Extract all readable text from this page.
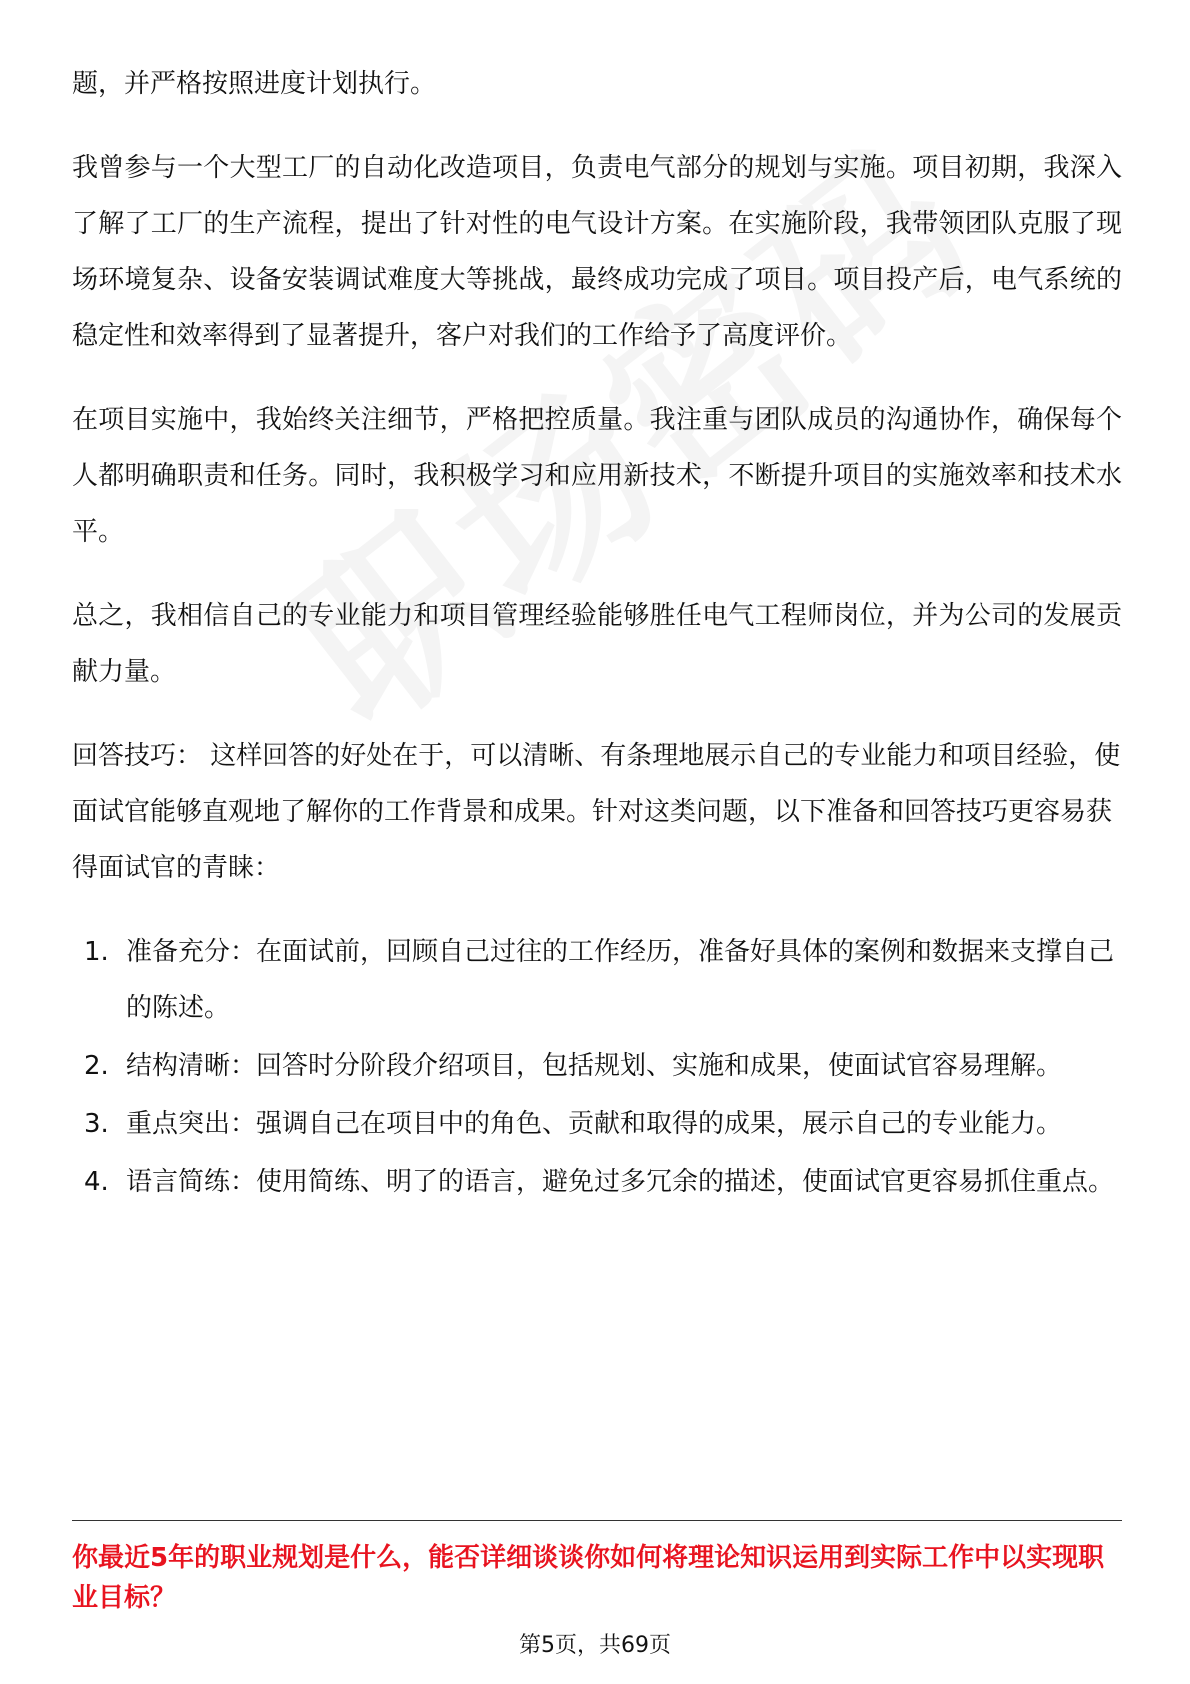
题，并严格按照进度计划执行。

我曾参与一个大型工厂的自动化改造项目，负责电气部分的规划与实施。项目初期，我深入了解了工厂的生产流程，提出了针对性的电气设计方案。在实施阶段，我带领团队克服了现场环境复杂、设备安装调试难度大等挑战，最终成功完成了项目。项目投产后，电气系统的稳定性和效率得到了显著提升，客户对我们的工作给予了高度评价。

在项目实施中，我始终关注细节，严格把控质量。我注重与团队成员的沟通协作，确保每个人都明确职责和任务。同时，我积极学习和应用新技术，不断提升项目的实施效率和技术水平。

总之，我相信自己的专业能力和项目管理经验能够胜任电气工程师岗位，并为公司的发展贡献力量。

回答技巧： 这样回答的好处在于，可以清晰、有条理地展示自己的专业能力和项目经验，使面试官能够直观地了解你的工作背景和成果。针对这类问题，以下准备和回答技巧更容易获得面试官的青睐：

1. 准备充分：在面试前，回顾自己过往的工作经历，准备好具体的案例和数据来支撑自己的陈述。
2. 结构清晰：回答时分阶段介绍项目，包括规划、实施和成果，使面试官容易理解。
3. 重点突出：强调自己在项目中的角色、贡献和取得的成果，展示自己的专业能力。
4. 语言简练：使用简练、明了的语言，避免过多冗余的描述，使面试官更容易抓住重点。
你最近5年的职业规划是什么，能否详细谈谈你如何将理论知识运用到实际工作中以实现职业目标？
第5页，共69页
